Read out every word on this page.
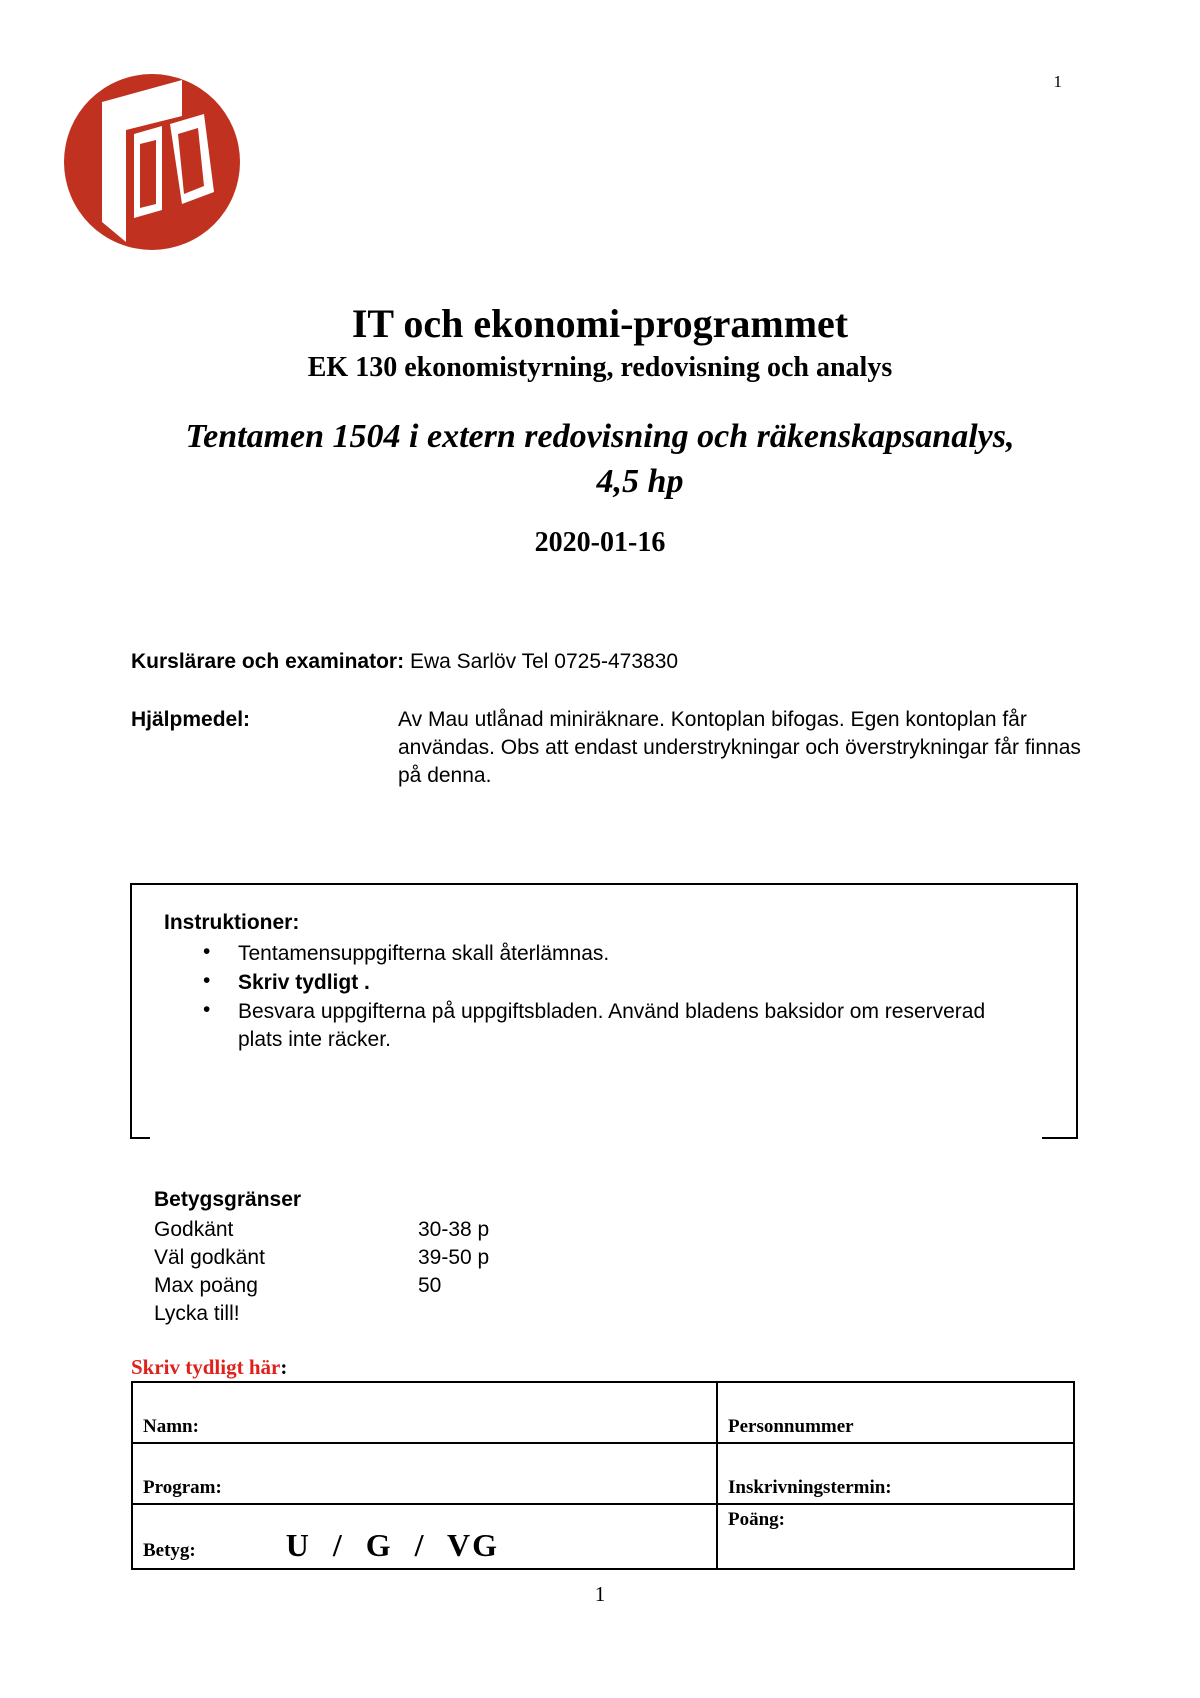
1
IT och ekonomi-programmet
EK 130 ekonomistyrning, redovisning och analys
Tentamen 1504 i extern redovisning och räkenskapsanalys,
4,5 hp
2020-01-16
Kurslärare och examinator: Ewa Sarlöv Tel 0725-473830
Hjälpmedel:	Av Mau utlånad miniräknare. Kontoplan bifogas. Egen kontoplan får användas. Obs att endast understrykningar och överstrykningar får finnas på denna.
Instruktioner:
• Tentamensuppgifterna skall återlämnas.
• Skriv tydligt .
• Besvara uppgifterna på uppgiftsbladen. Använd bladens baksidor om reserverad plats inte räcker.
Betygsgränser
Godkänt	30-38 p
Väl godkänt	39-50 p
Max poäng	50
Lycka till!
Skriv tydligt här:
Namn:	Personnummer
Program:	Inskrivningstermin:
Betyg: U / G / VG	Poäng:
1
